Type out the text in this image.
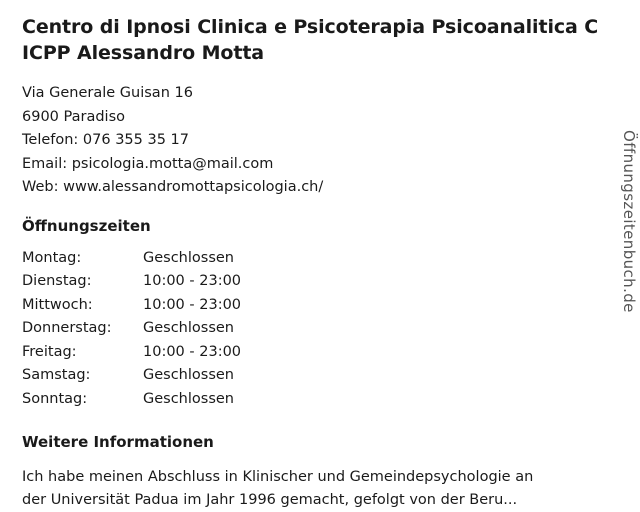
Centro di Ipnosi Clinica e Psicoterapia Psicoanalitica C
ICPP Alessandro Motta
Via Generale Guisan 16
6900 Paradiso
Telefon: 076 355 35 17
Email: psicologia.motta@mail.com
Web: www.alessandromottapsicologia.ch/
Öffnungszeiten
Montag:	Geschlossen
Dienstag:	10:00 - 23:00
Mittwoch:	10:00 - 23:00
Donnerstag:	Geschlossen
Freitag:	10:00 - 23:00
Samstag:	Geschlossen
Sonntag:	Geschlossen
Weitere Informationen
Ich habe meinen Abschluss in Klinischer und Gemeindepsychologie an
der Universität Padua im Jahr 1996 gemacht, gefolgt von der Beru...
Öffnungszeitenbuch.de
